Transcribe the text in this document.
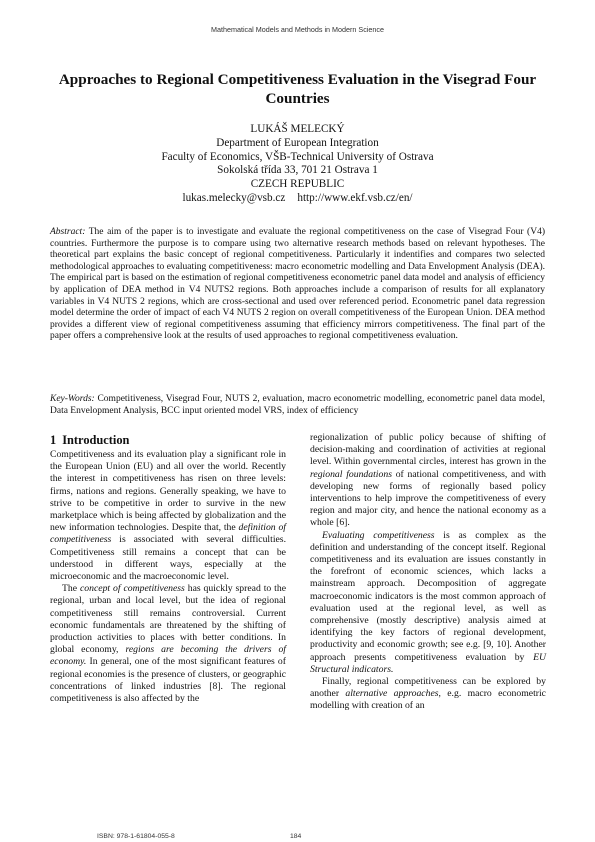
Mathematical Models and Methods in Modern Science
Approaches to Regional Competitiveness Evaluation in the Visegrad Four Countries
LUKÁŠ MELECKÝ
Department of European Integration
Faculty of Economics, VŠB-Technical University of Ostrava
Sokolská třída 33, 701 21 Ostrava 1
CZECH REPUBLIC
lukas.melecky@vsb.cz http://www.ekf.vsb.cz/en/

Abstract: The aim of the paper is to investigate and evaluate the regional competitiveness on the case of Visegrad Four (V4) countries. Furthermore the purpose is to compare using two alternative research methods based on relevant hypotheses. The theoretical part explains the basic concept of regional competitiveness. Particularly it indentifies and compares two selected methodological approaches to evaluating competitiveness: macro econometric modelling and Data Envelopment Analysis (DEA). The empirical part is based on the estimation of regional competitiveness econometric panel data model and analysis of efficiency by application of DEA method in V4 NUTS2 regions. Both approaches include a comparison of results for all explanatory variables in V4 NUTS 2 regions, which are cross-sectional and used over referenced period. Econometric panel data regression model determine the order of impact of each V4 NUTS 2 region on overall competitiveness of the European Union. DEA method provides a different view of regional competitiveness assuming that efficiency mirrors competitiveness. The final part of the paper offers a comprehensive look at the results of used approaches to regional competitiveness evaluation.

Key-Words: Competitiveness, Visegrad Four, NUTS 2, evaluation, macro econometric modelling, econometric panel data model, Data Envelopment Analysis, BCC input oriented model VRS, index of efficiency

1 Introduction

Competitiveness and its evaluation play a significant role in the European Union (EU) and all over the world. Recently the interest in competitiveness has risen on three levels: firms, nations and regions. Generally speaking, we have to strive to be competitive in order to survive in the new marketplace which is being affected by globalization and the new information technologies. Despite that, the definition of competitiveness is associated with several difficulties. Competitiveness still remains a concept that can be understood in different ways, especially at the microeconomic and the macroeconomic level.

The concept of competitiveness has quickly spread to the regional, urban and local level, but the idea of regional competitiveness still remains controversial. Current economic fundamentals are threatened by the shifting of production activities to places with better conditions. In global economy, regions are becoming the drivers of economy. In general, one of the most significant features of regional economies is the presence of clusters, or geographic concentrations of linked industries [8]. The regional competitiveness is also affected by the

regionalization of public policy because of shifting of decision-making and coordination of activities at regional level. Within governmental circles, interest has grown in the regional foundations of national competitiveness, and with developing new forms of regionally based policy interventions to help improve the competitiveness of every region and major city, and hence the national economy as a whole [6].

Evaluating competitiveness is as complex as the definition and understanding of the concept itself. Regional competitiveness and its evaluation are issues constantly in the forefront of economic sciences, which lacks a mainstream approach. Decomposition of aggregate macroeconomic indicators is the most common approach of evaluation used at the regional level, as well as comprehensive (mostly descriptive) analysis aimed at identifying the key factors of regional development, productivity and economic growth; see e.g. [9, 10]. Another approach presents competitiveness evaluation by EU Structural indicators.

Finally, regional competitiveness can be explored by another alternative approaches, e.g. macro econometric modelling with creation of an

ISBN: 978-1-61804-055-8	184
